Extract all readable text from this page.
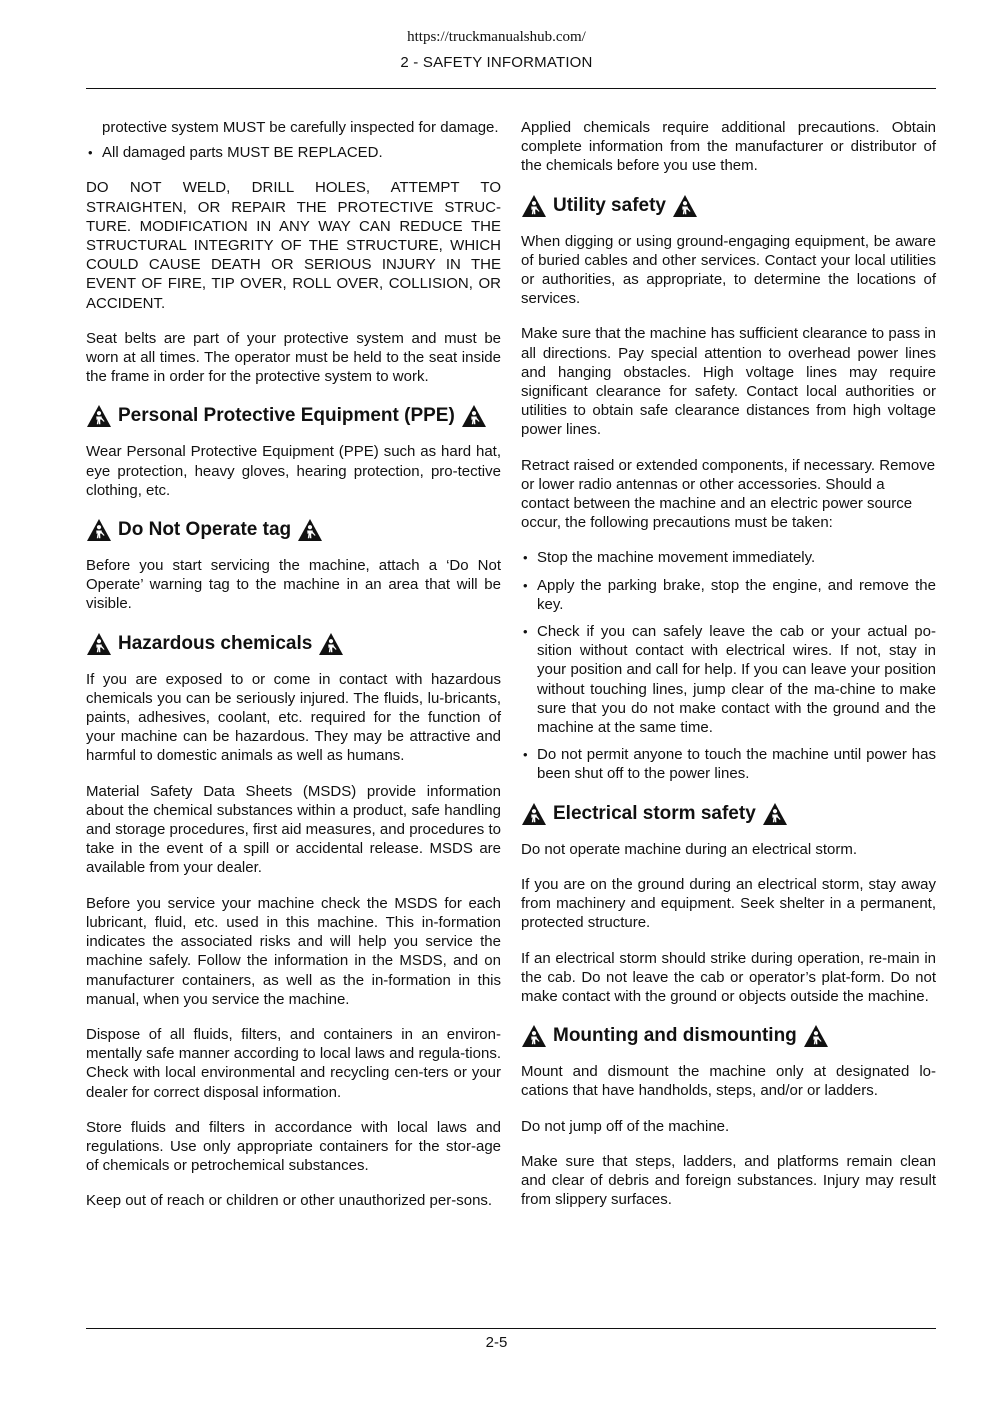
https://truckmanualshub.com/
2 - SAFETY INFORMATION

protective system MUST be carefully inspected for damage.

• All damaged parts MUST BE REPLACED.

DO NOT WELD, DRILL HOLES, ATTEMPT TO STRAIGHTEN, OR REPAIR THE PROTECTIVE STRUC-TURE. MODIFICATION IN ANY WAY CAN REDUCE THE STRUCTURAL INTEGRITY OF THE STRUCTURE, WHICH COULD CAUSE DEATH OR SERIOUS INJURY IN THE EVENT OF FIRE, TIP OVER, ROLL OVER, COLLISION, OR ACCIDENT.

Seat belts are part of your protective system and must be worn at all times. The operator must be held to the seat inside the frame in order for the protective system to work.

Personal Protective Equipment (PPE)

Wear Personal Protective Equipment (PPE) such as hard hat, eye protection, heavy gloves, hearing protection, pro-tective clothing, etc.

Do Not Operate tag

Before you start servicing the machine, attach a ‘Do Not Operate’ warning tag to the machine in an area that will be visible.

Hazardous chemicals

If you are exposed to or come in contact with hazardous chemicals you can be seriously injured. The fluids, lu-bricants, paints, adhesives, coolant, etc. required for the function of your machine can be hazardous. They may be attractive and harmful to domestic animals as well as humans.

Material Safety Data Sheets (MSDS) provide information about the chemical substances within a product, safe handling and storage procedures, first aid measures, and procedures to take in the event of a spill or accidental release. MSDS are available from your dealer.

Before you service your machine check the MSDS for each lubricant, fluid, etc. used in this machine. This in-formation indicates the associated risks and will help you service the machine safely. Follow the information in the MSDS, and on manufacturer containers, as well as the in-formation in this manual, when you service the machine.

Dispose of all fluids, filters, and containers in an environ-mentally safe manner according to local laws and regula-tions. Check with local environmental and recycling cen-ters or your dealer for correct disposal information.

Store fluids and filters in accordance with local laws and regulations. Use only appropriate containers for the stor-age of chemicals or petrochemical substances.

Keep out of reach or children or other unauthorized per-sons.

Applied chemicals require additional precautions. Obtain complete information from the manufacturer or distributor of the chemicals before you use them.

Utility safety

When digging or using ground-engaging equipment, be aware of buried cables and other services. Contact your local utilities or authorities, as appropriate, to determine the locations of services.

Make sure that the machine has sufficient clearance to pass in all directions. Pay special attention to overhead power lines and hanging obstacles. High voltage lines may require significant clearance for safety. Contact local authorities or utilities to obtain safe clearance distances from high voltage power lines.

Retract raised or extended components, if necessary. Remove or lower radio antennas or other accessories. Should a contact between the machine and an electric power source occur, the following precautions must be taken:

• Stop the machine movement immediately.
• Apply the parking brake, stop the engine, and remove the key.
• Check if you can safely leave the cab or your actual po-sition without contact with electrical wires. If not, stay in your position and call for help. If you can leave your position without touching lines, jump clear of the ma-chine to make sure that you do not make contact with the ground and the machine at the same time.
• Do not permit anyone to touch the machine until power has been shut off to the power lines.
Electrical storm safety

Do not operate machine during an electrical storm.

If you are on the ground during an electrical storm, stay away from machinery and equipment. Seek shelter in a permanent, protected structure.

If an electrical storm should strike during operation, re-main in the cab. Do not leave the cab or operator’s plat-form. Do not make contact with the ground or objects outside the machine.

Mounting and dismounting

Mount and dismount the machine only at designated lo-cations that have handholds, steps, and/or or ladders.

Do not jump off of the machine.

Make sure that steps, ladders, and platforms remain clean and clear of debris and foreign substances. Injury may result from slippery surfaces.

2-5
